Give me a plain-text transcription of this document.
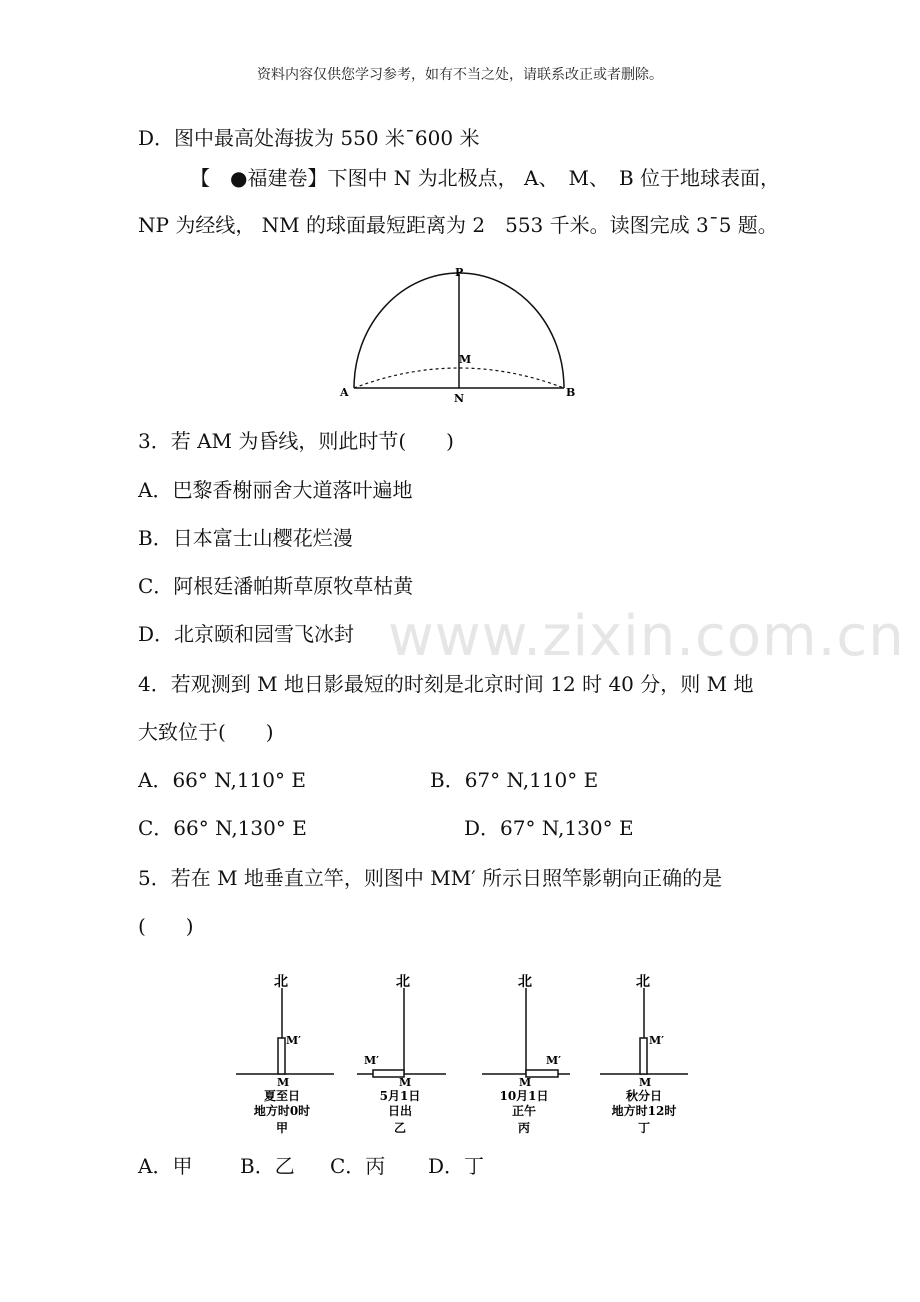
资料内容仅供您学习参考，如有不当之处，请联系改正或者删除。
www.zixin.com.cn
D．图中最高处海拔为 550 米¯600 米
【　●福建卷】下图中 N 为北极点， A、　M、　B 位于地球表面，
NP 为经线， NM 的球面最短距离为 2　553 千米。读图完成 3¯5 题。
P
M
A	N	B
3．若 AM 为昏线，则此时节(　　)
A．巴黎香榭丽舍大道落叶遍地
B．日本富士山樱花烂漫
C．阿根廷潘帕斯草原牧草枯黄
D．北京颐和园雪飞冰封
4．若观测到 M 地日影最短的时刻是北京时间 12 时 40 分，则 M 地
大致位于(　　)
A．66° N,110° E	B．67° N,110° E
C．66° N,130° E	D．67° N,130° E
5．若在 M 地垂直立竿，则图中 MM′ 所示日照竿影朝向正确的是
(　　)
北
M′
M
夏至日
地方时0时
甲
北
M′
M
5月1日
日出
乙
北
M′
M
10月1日
正午
丙
北
M′
M
秋分日
地方时12时
丁
A．甲 B．乙 C．丙 D．丁
